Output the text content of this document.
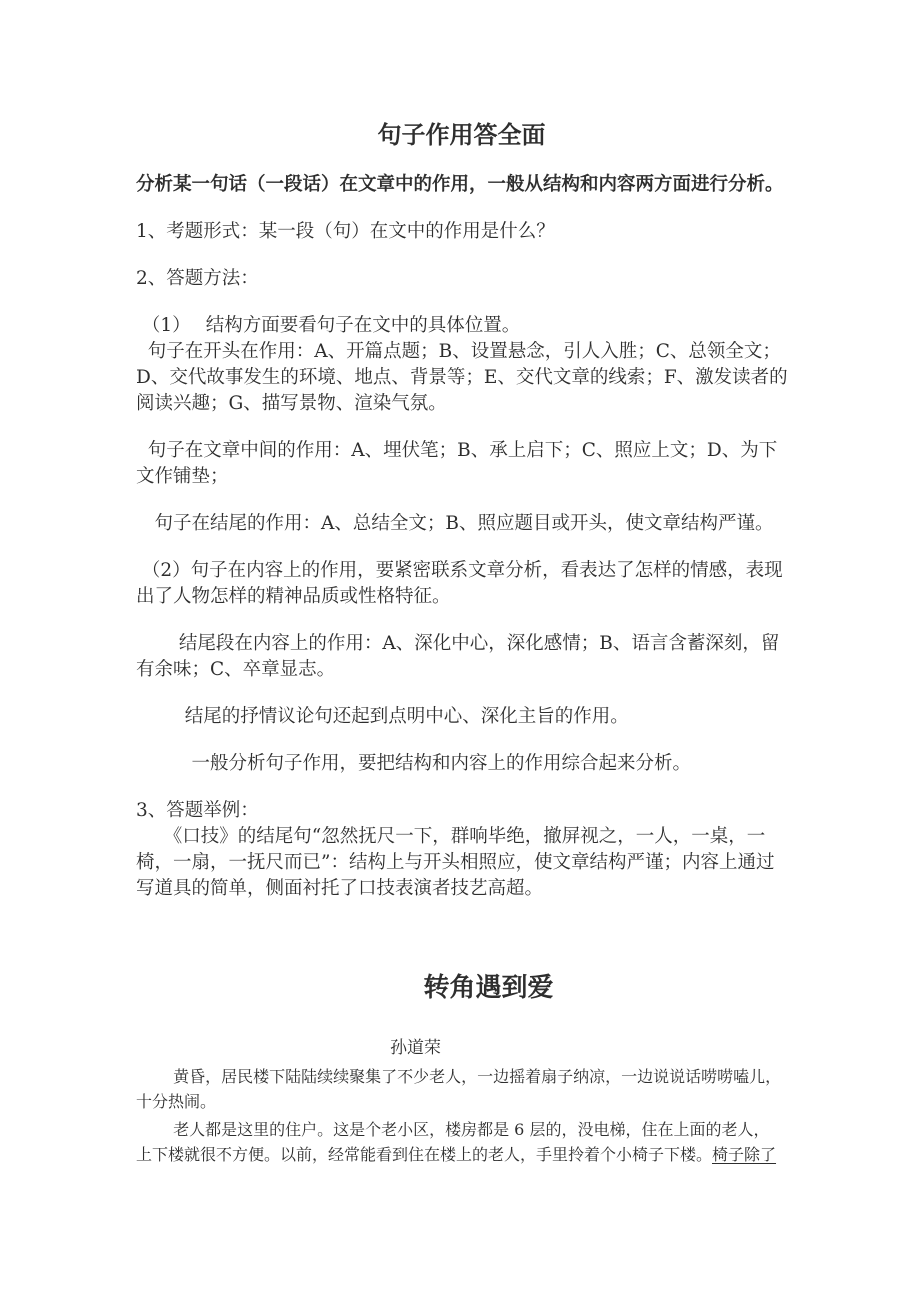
句子作用答全面
分析某一句话（一段话）在文章中的作用，一般从结构和内容两方面进行分析。
1、考题形式：某一段（句）在文中的作用是什么？
2、答题方法：
（1）　 结构方面要看句子在文中的具体位置。
句子在开头在作用：A、开篇点题；B、设置悬念，引人入胜；C、总领全文；
D、交代故事发生的环境、地点、背景等；E、交代文章的线索；F、激发读者的
阅读兴趣；G、描写景物、渲染气氛。
句子在文章中间的作用：A、埋伏笔；B、承上启下；C、照应上文；D、为下
文作铺垫；
　句子在结尾的作用：A、总结全文；B、照应题目或开头，使文章结构严谨。
（2）句子在内容上的作用，要紧密联系文章分析，看表达了怎样的情感，表现
出了人物怎样的精神品质或性格特征。
　　 结尾段在内容上的作用：A、深化中心，深化感情；B、语言含蓄深刻，留
有余味；C、卒章显志。
　　  结尾的抒情议论句还起到点明中心、深化主旨的作用。
　　　一般分析句子作用，要把结构和内容上的作用综合起来分析。
3、答题举例：
　　《口技》的结尾句“忽然抚尺一下，群响毕绝，撤屏视之，一人，一桌，一
椅，一扇，一抚尺而已”：结构上与开头相照应，使文章结构严谨；内容上通过
写道具的简单，侧面衬托了口技表演者技艺高超。
转角遇到爱
孙道荣
　　 黄昏，居民楼下陆陆续续聚集了不少老人，一边摇着扇子纳凉，一边说说话唠唠嗑儿，
十分热闹。
　　 老人都是这里的住户。这是个老小区，楼房都是 6 层的，没电梯，住在上面的老人，
上下楼就很不方便。以前，经常能看到住在楼上的老人，手里拎着个小椅子下楼。椅子除了
